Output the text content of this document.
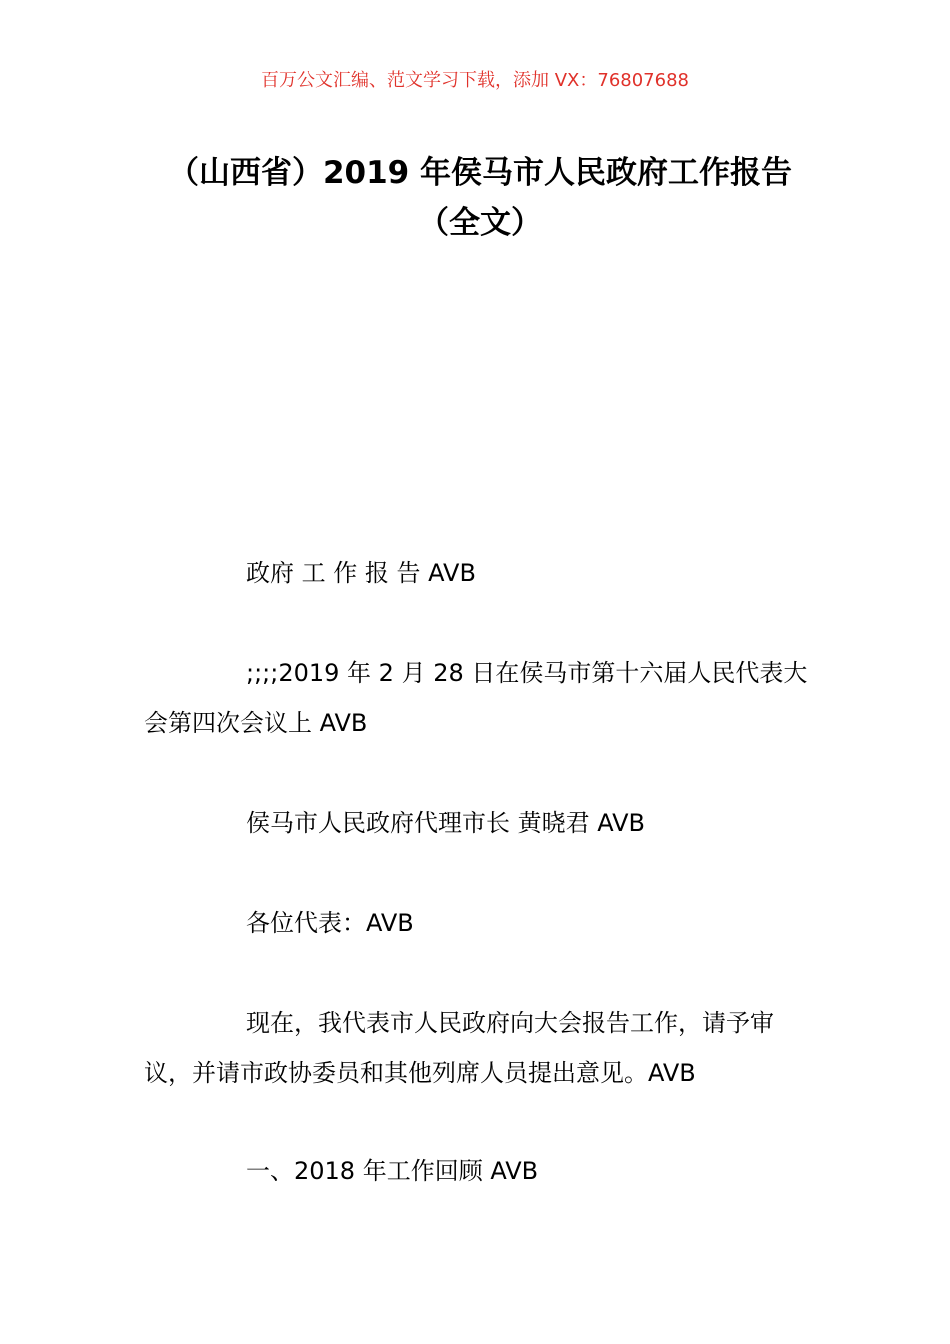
百万公文汇编、范文学习下载，添加 VX：76807688
（山西省）2019 年侯马市人民政府工作报告（全文）

政府 工 作 报 告 AVB

;;;;2019 年 2 月 28 日在侯马市第十六届人民代表大会第四次会议上 AVB

侯马市人民政府代理市长 黄晓君 AVB

各位代表：AVB

现在，我代表市人民政府向大会报告工作，请予审议，并请市政协委员和其他列席人员提出意见。AVB

一、2018 年工作回顾 AVB
